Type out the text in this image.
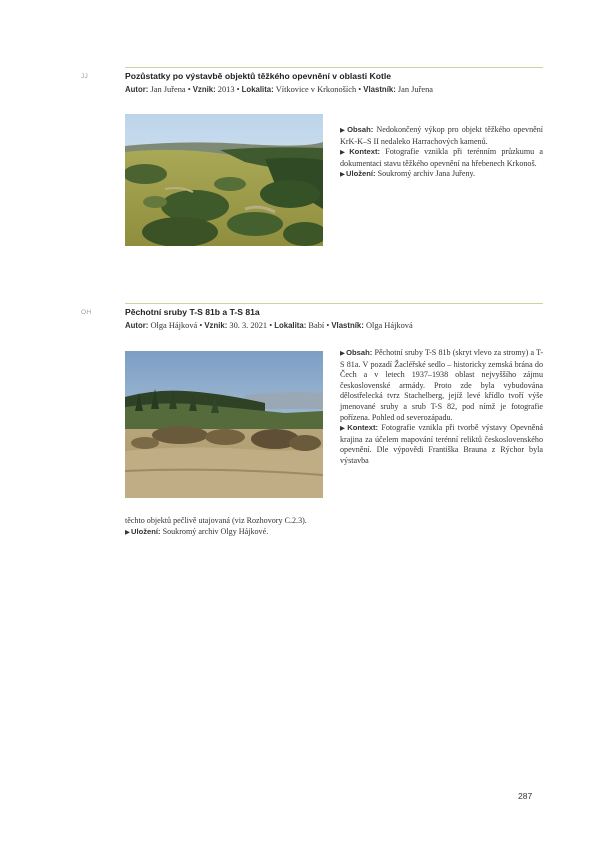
JJ	Pozůstatky po výstavbě objektů těžkého opevnění v oblasti Kotle
Autor: Jan Juřena • Vznik: 2013 • Lokalita: Vítkovice v Krkonoších • Vlastník: Jan Juřena

▶Obsah: Nedokončený výkop pro objekt těžkého opevnění KrK-K–S II nedaleko Harrachových kamenů.

▶Kontext: Fotografie vznikla při terénním průzkumu a dokumentaci stavu těžkého opevnění na hřebenech Krkonoš.

▶Uložení: Soukromý archiv Jana Juřeny.

OH	Pěchotní sruby T-S 81b a T-S 81a
Autor: Olga Hájková • Vznik: 30. 3. 2021 • Lokalita: Babí • Vlastník: Olga Hájková

▶Obsah: Pěchotní sruby T-S 81b (skryt vlevo za stromy) a T-S 81a. V pozadí Žacléřské sedlo – historicky zemská brána do Čech a v letech 1937–1938 oblast nejvyššího zájmu československé armády. Proto zde byla vybudována dělostřelecká tvrz Stachelberg, jejíž levé křídlo tvoří výše jmenované sruby a srub T-S 82, pod nímž je fotografie pořízena. Pohled od severozápadu.

▶Kontext: Fotografie vznikla při tvorbě výstavy Opevněná krajina za účelem mapování terénní reliktů československého opevnění. Dle výpovědi Františka Brauna z Rýchor byla výstavba

těchto objektů pečlivě utajovaná (viz Rozhovory C.2.3).

▶Uložení: Soukromý archiv Olgy Hájkové.

287
